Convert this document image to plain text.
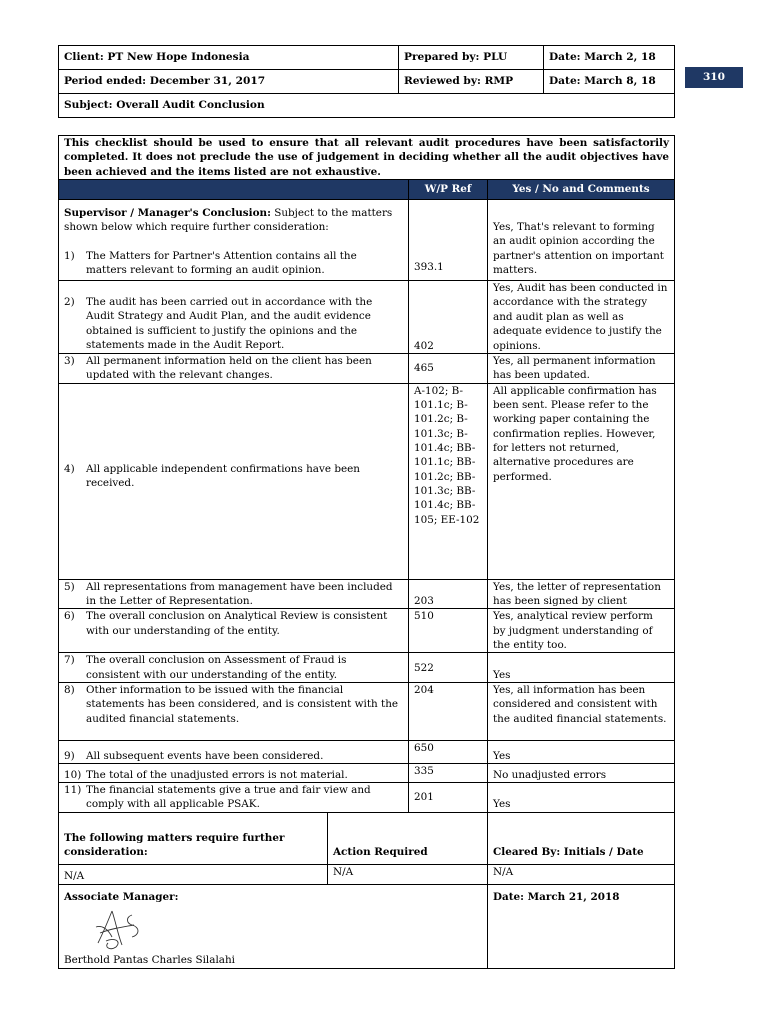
Client: PT New Hope Indonesia	Prepared by: PLU	Date: March 2, 18
Period ended: December 31, 2017	Reviewed by: RMP	Date: March 8, 18
Subject: Overall Audit Conclusion		
310
This checklist should be used to ensure that all relevant audit procedures have been satisfactorily completed. It does not preclude the use of judgement in deciding whether all the audit objectives have been achieved and the items listed are not exhaustive.			
		W/P Ref	Yes / No and Comments

Supervisor / Manager's Conclusion: Subject to the matters shown below which require further consideration:
1) The Matters for Partner's Attention contains all the matters relevant to forming an audit opinion.		393.1	Yes, That's relevant to forming an audit opinion according the partner's attention on important matters.

2) The audit has been carried out in accordance with the Audit Strategy and Audit Plan, and the audit evidence obtained is sufficient to justify the opinions and the statements made in the Audit Report.		402	Yes, Audit has been conducted in accordance with the strategy and audit plan as well as adequate evidence to justify the opinions.

3) All permanent information held on the client has been updated with the relevant changes.		465	Yes, all permanent information has been updated.

4) All applicable independent confirmations have been received.		A-102; B-101.1c; B-101.2c; B-101.3c; B-101.4c; BB-101.1c; BB-101.2c; BB-101.3c; BB-101.4c; BB-105; EE-102	All applicable confirmation has been sent. Please refer to the working paper containing the confirmation replies. However, for letters not returned, alternative procedures are performed.

5) All representations from management have been included in the Letter of Representation.		203	Yes, the letter of representation has been signed by client

6) The overall conclusion on Analytical Review is consistent with our understanding of the entity.		510	Yes, analytical review perform by judgment understanding of the entity too.

7) The overall conclusion on Assessment of Fraud is consistent with our understanding of the entity.		522	Yes

8) Other information to be issued with the financial statements has been considered, and is consistent with the audited financial statements.		204	Yes, all information has been considered and consistent with the audited financial statements.

9) All subsequent events have been considered.		650	Yes

10) The total of the unadjusted errors is not material.		335	No unadjusted errors

11) The financial statements give a true and fair view and comply with all applicable PSAK.		201	Yes
The following matters require further consideration:	Action Required		Cleared By: Initials / Date
N/A	N/A		N/A

Associate Manager:
Berthold Pantas Charles Silalahi			Date: March 21, 2018
